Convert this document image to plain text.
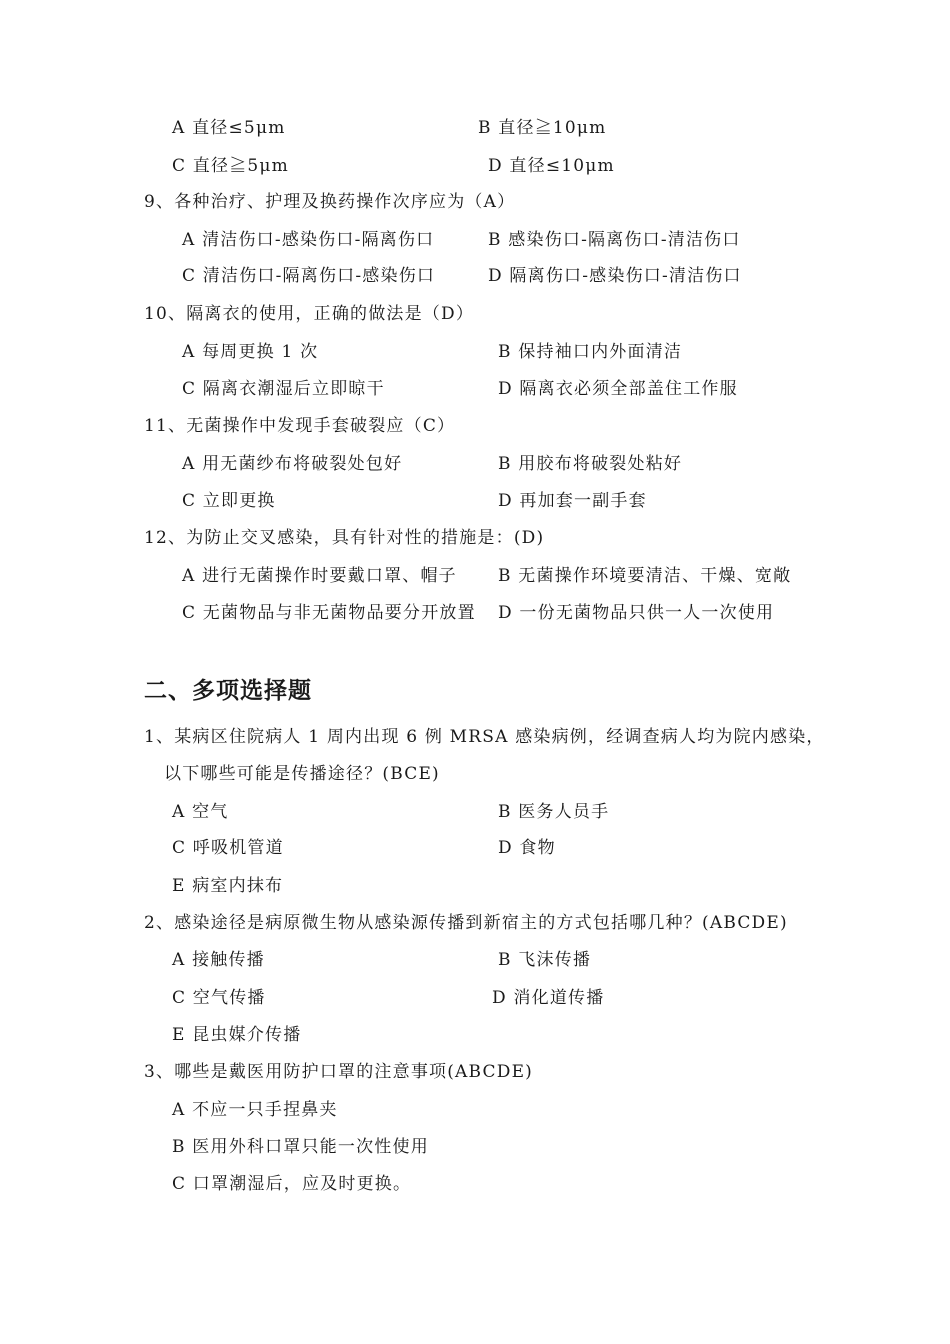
A 直径≤5μm	B 直径≧10μm
C 直径≧5μm	D 直径≤10μm
9、各种治疗、护理及换药操作次序应为（A）
A 清洁伤口-感染伤口-隔离伤口	B 感染伤口-隔离伤口-清洁伤口
C 清洁伤口-隔离伤口-感染伤口	D 隔离伤口-感染伤口-清洁伤口
10、隔离衣的使用，正确的做法是（D）
A 每周更换 1 次	B 保持袖口内外面清洁
C 隔离衣潮湿后立即晾干	D 隔离衣必须全部盖住工作服
11、无菌操作中发现手套破裂应（C）
A 用无菌纱布将破裂处包好	B 用胶布将破裂处粘好
C 立即更换	D 再加套一副手套
12、为防止交叉感染，具有针对性的措施是：(D)
A 进行无菌操作时要戴口罩、帽子 B 无菌操作环境要清洁、干燥、宽敞
C 无菌物品与非无菌物品要分开放置 D 一份无菌物品只供一人一次使用
二、多项选择题
1、某病区住院病人 1 周内出现 6 例 MRSA 感染病例，经调查病人均为院内感染，
以下哪些可能是传播途径？(BCE)
A 空气	B 医务人员手
C 呼吸机管道	D 食物
E 病室内抹布
2、感染途径是病原微生物从感染源传播到新宿主的方式包括哪几种？(ABCDE)
A 接触传播	B 飞沫传播
C 空气传播	D 消化道传播
E 昆虫媒介传播
3、哪些是戴医用防护口罩的注意事项(ABCDE)
A 不应一只手捏鼻夹
B 医用外科口罩只能一次性使用
C 口罩潮湿后，应及时更换。
